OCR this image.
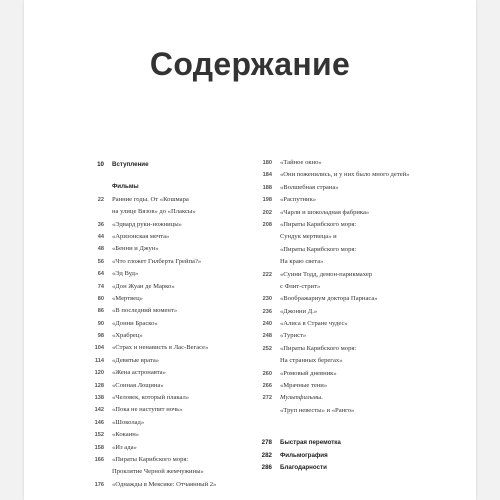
Содержание
10 Вступление
Фильмы
22 Ранние годы. От «Кошмара
на улице Вязов» до «Плаксы»
36 «Эдвард руки-ножницы»
44 «Аризонская мечта»
48 «Бенни и Джун»
56 «Что гложет Гилберта Грейпа?»
64 «Эд Вуд»
74 «Дон Жуан де Марко»
80 «Мертвец»
86 «В последний момент»
90 «Донни Браско»
98 «Храбрец»
104 «Страх и ненависть в Лас-Вегасе»
114 «Девятые врата»
120 «Жена астронавта»
128 «Сонная Лощина»
138 «Человек, который плакал»
142 «Пока не наступит ночь»
146 «Шоколад»
152 «Кокаин»
158 «Из ада»
166 «Пираты Карибского моря:
Проклятие Черной жемчужины»
176 «Однажды в Мексике: Отчаянный 2»
180 «Тайное окно»
184 «Они поженились, и у них было много детей»
188 «Волшебная страна»
198 «Распутник»
202 «Чарли и шоколадная фабрика»
208 «Пираты Карибского моря:
Сундук мертвеца» и
«Пираты Карибского моря:
На краю света»
222 «Суини Тодд, демон-парикмахер
с Флит-стрит»
230 «Воображариум доктора Парнаса»
236 «Джонни Д.»
240 «Алиса в Стране чудес»
248 «Турист»
252 «Пираты Карибского моря:
На странных берегах»
260 «Ромовый дневник»
266 «Мрачные тени»
272 Мультфильмы.
«Труп невесты» и «Ранго»
278 Быстрая перемотка
282 Фильмография
286 Благодарности
